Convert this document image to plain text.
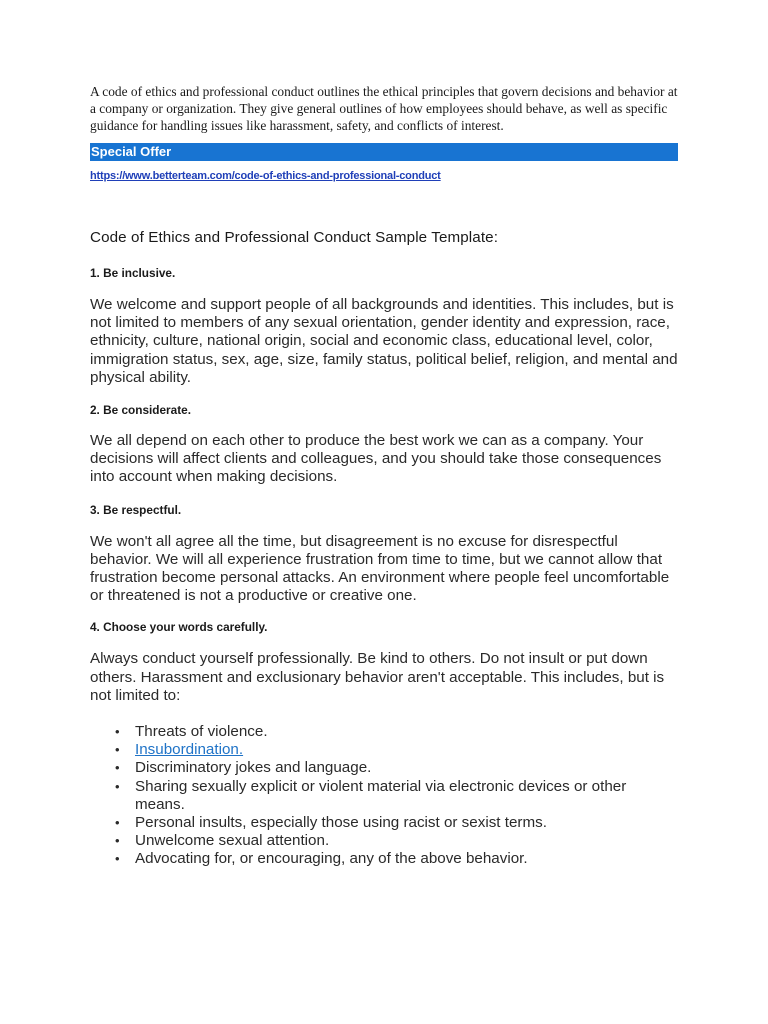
A code of ethics and professional conduct outlines the ethical principles that govern decisions and behavior at a company or organization. They give general outlines of how employees should behave, as well as specific guidance for handling issues like harassment, safety, and conflicts of interest.

Special Offer
https://www.betterteam.com/code-of-ethics-and-professional-conduct
Code of Ethics and Professional Conduct Sample Template:
1. Be inclusive.

We welcome and support people of all backgrounds and identities. This includes, but is not limited to members of any sexual orientation, gender identity and expression, race, ethnicity, culture, national origin, social and economic class, educational level, color, immigration status, sex, age, size, family status, political belief, religion, and mental and physical ability.

2. Be considerate.

We all depend on each other to produce the best work we can as a company. Your decisions will affect clients and colleagues, and you should take those consequences into account when making decisions.

3. Be respectful.

We won't all agree all the time, but disagreement is no excuse for disrespectful behavior. We will all experience frustration from time to time, but we cannot allow that frustration become personal attacks. An environment where people feel uncomfortable or threatened is not a productive or creative one.

4. Choose your words carefully.

Always conduct yourself professionally. Be kind to others. Do not insult or put down others. Harassment and exclusionary behavior aren't acceptable. This includes, but is not limited to:

• Threats of violence.
• Insubordination.
• Discriminatory jokes and language.
• Sharing sexually explicit or violent material via electronic devices or other means.
• Personal insults, especially those using racist or sexist terms.
• Unwelcome sexual attention.
• Advocating for, or encouraging, any of the above behavior.
